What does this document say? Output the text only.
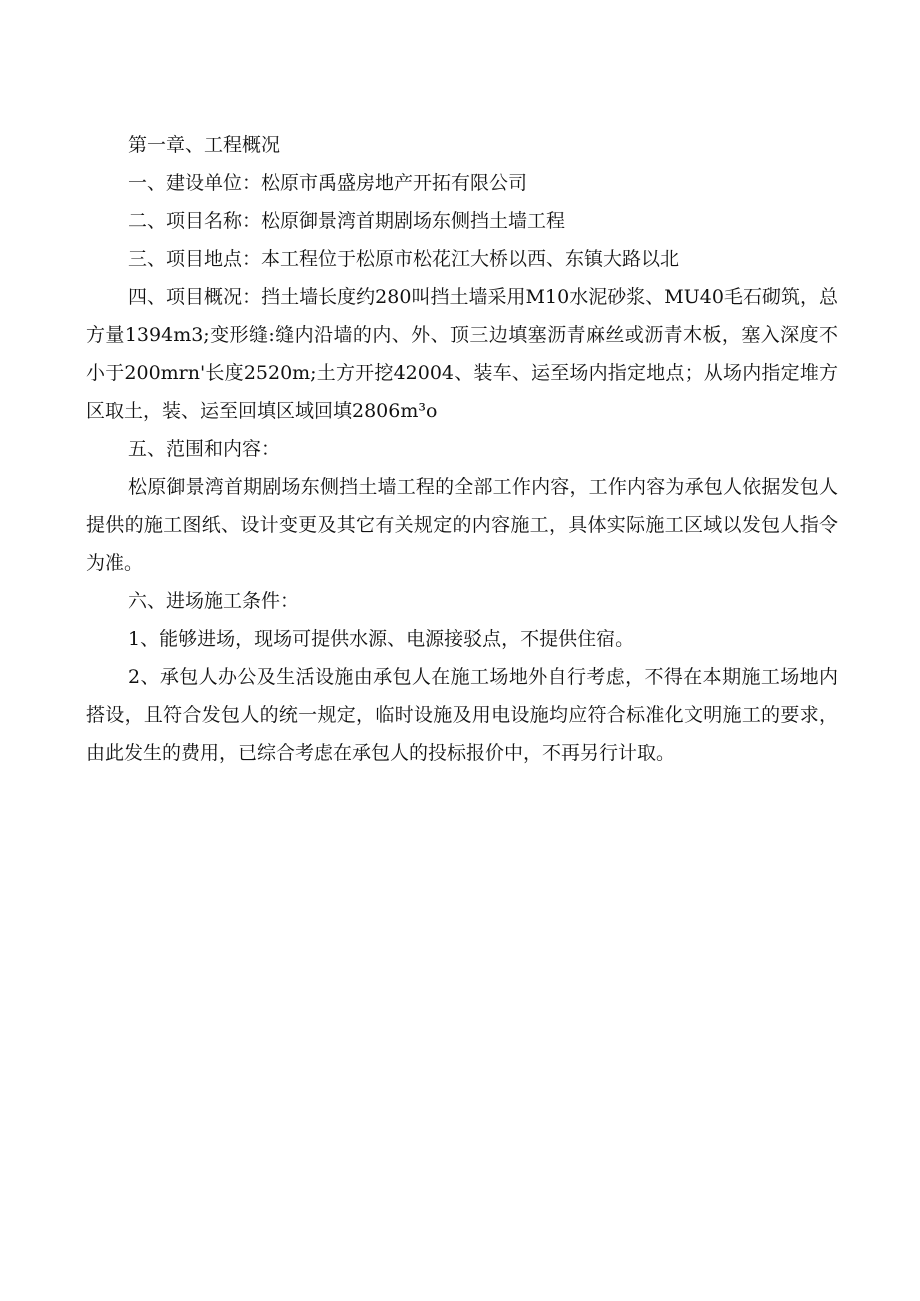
第一章、工程概况

一、建设单位：松原市禹盛房地产开拓有限公司

二、项目名称：松原御景湾首期剧场东侧挡土墙工程

三、项目地点：本工程位于松原市松花江大桥以西、东镇大路以北

四、项目概况：挡土墙长度约280叫挡土墙采用M10水泥砂浆、MU40毛石砌筑，总方量1394m3;变形缝:缝内沿墙的内、外、顶三边填塞沥青麻丝或沥青木板，塞入深度不小于200mrn'长度2520m;土方开挖42004、装车、运至场内指定地点；从场内指定堆方区取土，装、运至回填区域回填2806m³o

五、范围和内容：

松原御景湾首期剧场东侧挡土墙工程的全部工作内容，工作内容为承包人依据发包人提供的施工图纸、设计变更及其它有关规定的内容施工，具体实际施工区域以发包人指令为准。

六、进场施工条件：

1、能够进场，现场可提供水源、电源接驳点，不提供住宿。

2、承包人办公及生活设施由承包人在施工场地外自行考虑，不得在本期施工场地内搭设，且符合发包人的统一规定，临时设施及用电设施均应符合标准化文明施工的要求，由此发生的费用，已综合考虑在承包人的投标报价中，不再另行计取。
